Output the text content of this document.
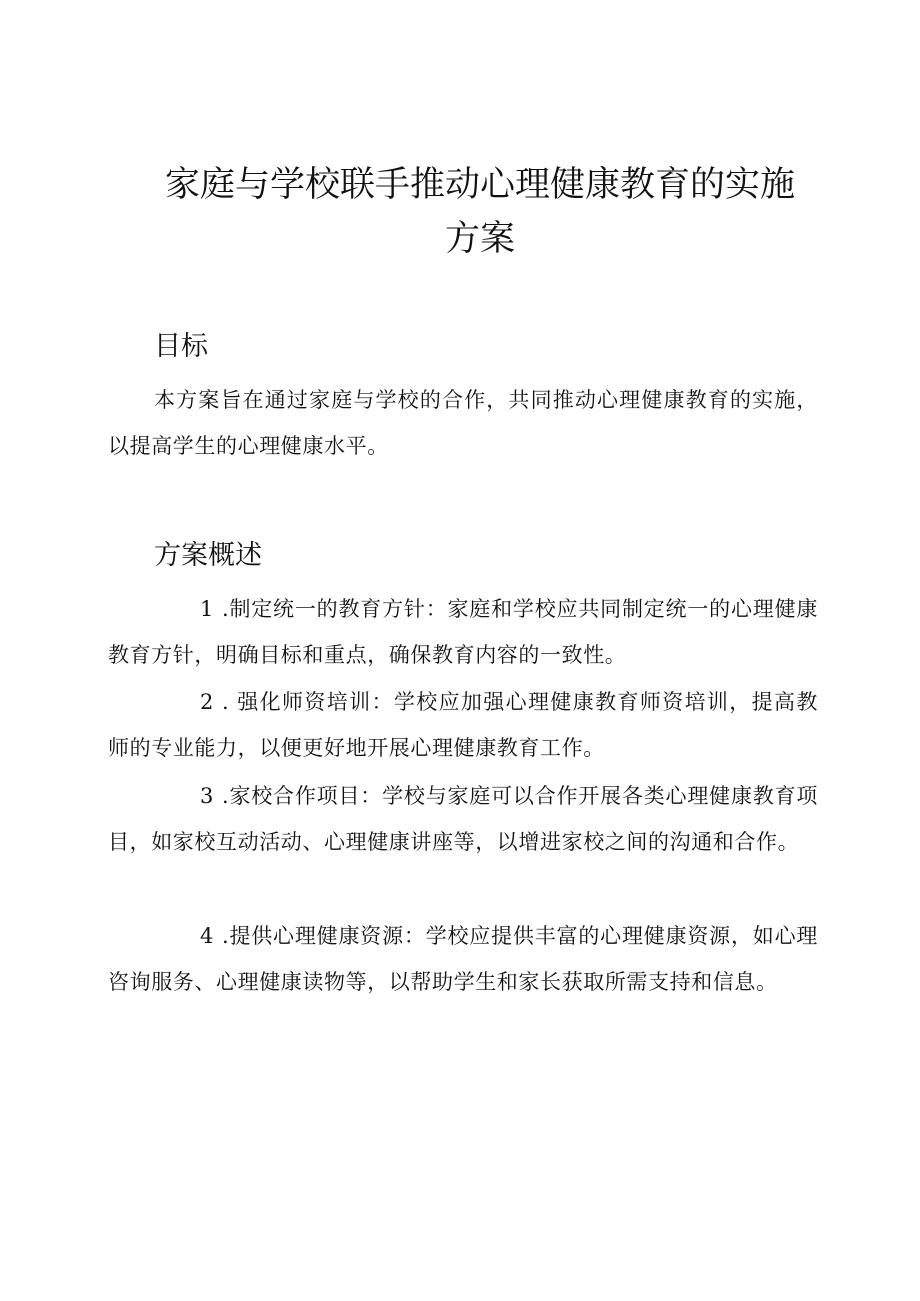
家庭与学校联手推动心理健康教育的实施方案
目标

本方案旨在通过家庭与学校的合作，共同推动心理健康教育的实施，以提高学生的心理健康水平。

方案概述

1 .制定统一的教育方针：家庭和学校应共同制定统一的心理健康教育方针，明确目标和重点，确保教育内容的一致性。

2 . 强化师资培训：学校应加强心理健康教育师资培训，提高教师的专业能力，以便更好地开展心理健康教育工作。

3 .家校合作项目：学校与家庭可以合作开展各类心理健康教育项目，如家校互动活动、心理健康讲座等，以增进家校之间的沟通和合作。

4 .提供心理健康资源：学校应提供丰富的心理健康资源，如心理咨询服务、心理健康读物等，以帮助学生和家长获取所需支持和信息。
